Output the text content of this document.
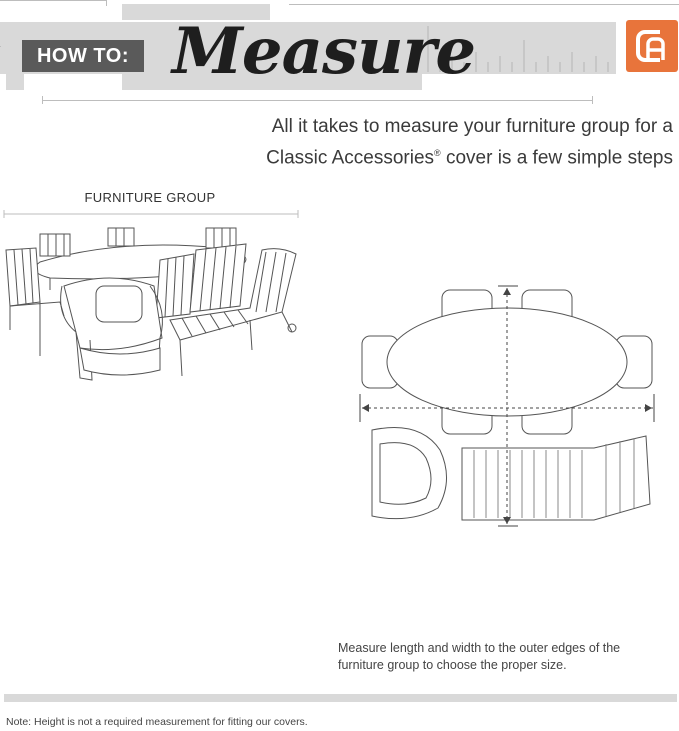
HOW TO: Measure
All it takes to measure your furniture group for a
Classic Accessories® cover is a few simple steps
FURNITURE GROUP
Measure length and width to the outer edges of the furniture group to choose the proper size.
Note: Height is not a required measurement for fitting our covers.
